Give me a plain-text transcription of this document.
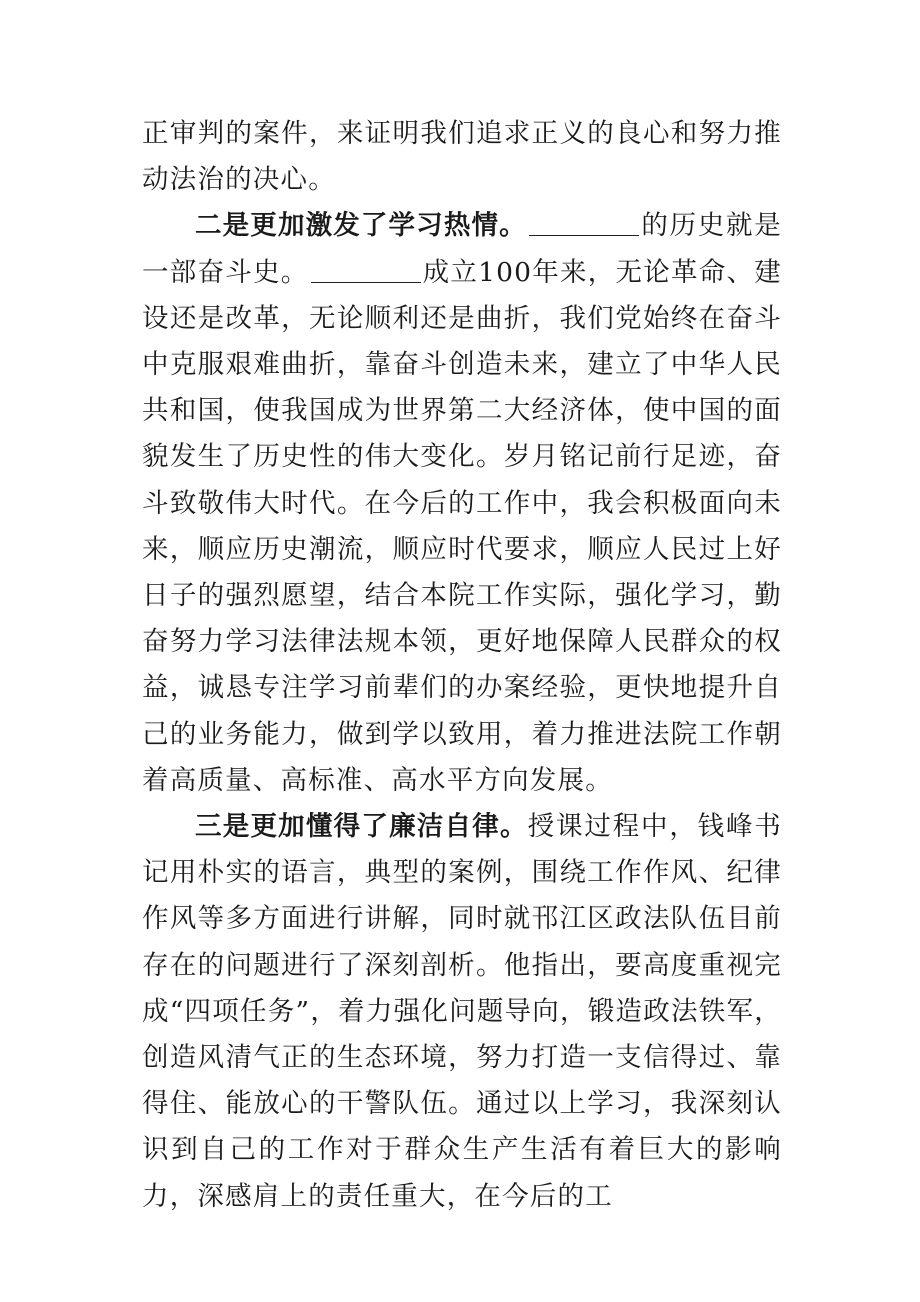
正审判的案件，来证明我们追求正义的良心和努力推动法治的决心。

二是更加激发了学习热情。	的历史就是一部奋斗史。	成立100年来，无论革命、建设还是改革，无论顺利还是曲折，我们党始终在奋斗中克服艰难曲折，靠奋斗创造未来，建立了中华人民共和国，使我国成为世界第二大经济体，使中国的面貌发生了历史性的伟大变化。岁月铭记前行足迹，奋斗致敬伟大时代。在今后的工作中，我会积极面向未来，顺应历史潮流，顺应时代要求，顺应人民过上好日子的强烈愿望，结合本院工作实际，强化学习，勤奋努力学习法律法规本领，更好地保障人民群众的权益，诚恳专注学习前辈们的办案经验，更快地提升自己的业务能力，做到学以致用，着力推进法院工作朝着高质量、高标准、高水平方向发展。

三是更加懂得了廉洁自律。授课过程中，钱峰书记用朴实的语言，典型的案例，围绕工作作风、纪律作风等多方面进行讲解，同时就邗江区政法队伍目前存在的问题进行了深刻剖析。他指出，要高度重视完成“四项任务”，着力强化问题导向，锻造政法铁军，创造风清气正的生态环境，努力打造一支信得过、靠得住、能放心的干警队伍。通过以上学习，我深刻认识到自己的工作对于群众生产生活有着巨大的影响力，深感肩上的责任重大，在今后的工
